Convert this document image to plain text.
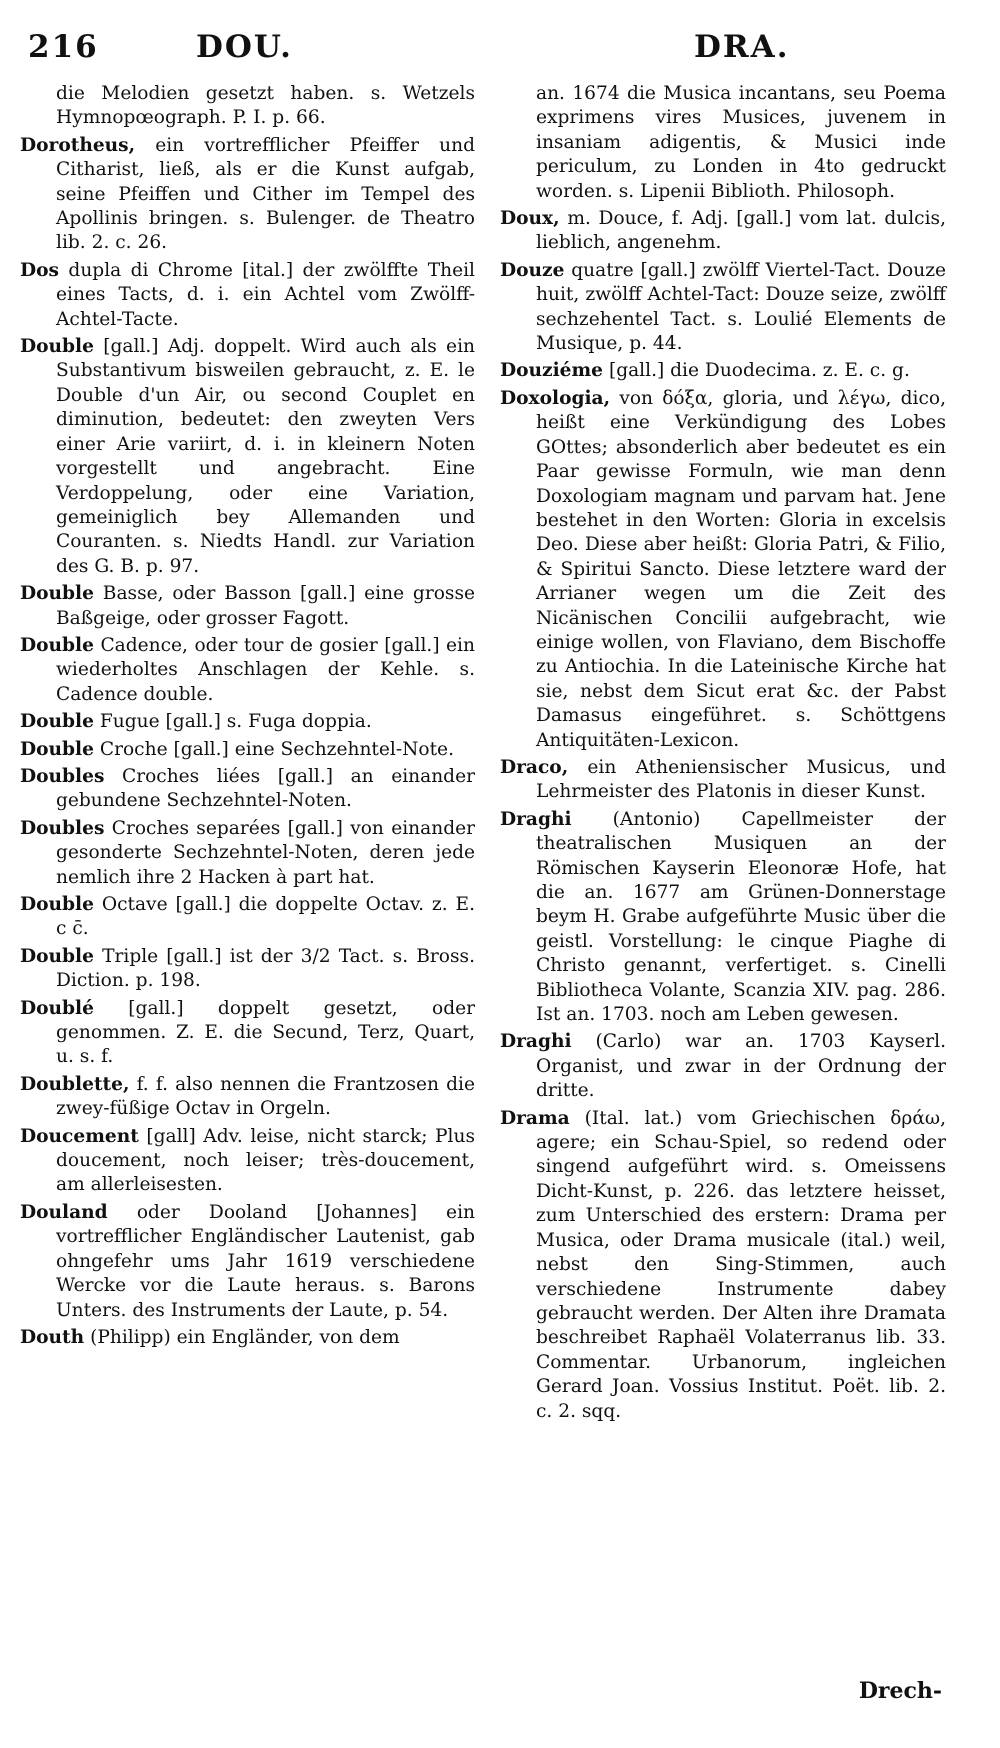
216	DOU.	DRA.

die Melodien gesetzt haben. s. Wetzels Hymnopœograph. P. I. p. 66.

Dorotheus, ein vortrefflicher Pfeiffer und Citharist, ließ, als er die Kunst aufgab, seine Pfeiffen und Cither im Tempel des Apollinis bringen. s. Bulenger. de Theatro lib. 2. c. 26.

Dos dupla di Chrome [ital.] der zwölffte Theil eines Tacts, d. i. ein Achtel vom Zwölff-Achtel-Tacte.

Double [gall.] Adj. doppelt. Wird auch als ein Substantivum bisweilen gebraucht, z. E. le Double d'un Air, ou second Couplet en diminution, bedeutet: den zweyten Vers einer Arie variirt, d. i. in kleinern Noten vorgestellt und angebracht. Eine Verdoppelung, oder eine Variation, gemeiniglich bey Allemanden und Couranten. s. Niedts Handl. zur Variation des G. B. p. 97.

Double Basse, oder Basson [gall.] eine grosse Baßgeige, oder grosser Fagott.

Double Cadence, oder tour de gosier [gall.] ein wiederholtes Anschlagen der Kehle. s. Cadence double.

Double Fugue [gall.] s. Fuga doppia.

Double Croche [gall.] eine Sechzehntel-Note.

Doubles Croches liées [gall.] an einander gebundene Sechzehntel-Noten.

Doubles Croches separées [gall.] von einander gesonderte Sechzehntel-Noten, deren jede nemlich ihre 2 Hacken à part hat.

Double Octave [gall.] die doppelte Octav. z. E. c c̄.

Double Triple [gall.] ist der 3/2 Tact. s. Bross. Diction. p. 198.

Doublé [gall.] doppelt gesetzt, oder genommen. Z. E. die Secund, Terz, Quart, u. s. f.

Doublette, f. f. also nennen die Frantzosen die zwey-füßige Octav in Orgeln.

Doucement [gall] Adv. leise, nicht starck; Plus doucement, noch leiser; très-doucement, am allerleisesten.

Douland oder Dooland [Johannes] ein vortrefflicher Engländischer Lautenist, gab ohngefehr ums Jahr 1619 verschiedene Wercke vor die Laute heraus. s. Barons Unters. des Instruments der Laute, p. 54.

Douth (Philipp) ein Engländer, von dem

an. 1674 die Musica incantans, seu Poema exprimens vires Musices, juvenem in insaniam adigentis, & Musici inde periculum, zu Londen in 4to gedruckt worden. s. Lipenii Biblioth. Philosoph.

Doux, m. Douce, f. Adj. [gall.] vom lat. dulcis, lieblich, angenehm.

Douze quatre [gall.] zwölff Viertel-Tact. Douze huit, zwölff Achtel-Tact: Douze seize, zwölff sechzehentel Tact. s. Loulié Elements de Musique, p. 44.

Douziéme [gall.] die Duodecima. z. E. c. g.

Doxologia, von δόξα, gloria, und λέγω, dico, heißt eine Verkündigung des Lobes GOttes; absonderlich aber bedeutet es ein Paar gewisse Formuln, wie man denn Doxologiam magnam und parvam hat. Jene bestehet in den Worten: Gloria in excelsis Deo. Diese aber heißt: Gloria Patri, & Filio, & Spiritui Sancto. Diese letztere ward der Arrianer wegen um die Zeit des Nicänischen Concilii aufgebracht, wie einige wollen, von Flaviano, dem Bischoffe zu Antiochia. In die Lateinische Kirche hat sie, nebst dem Sicut erat &c. der Pabst Damasus eingeführet. s. Schöttgens Antiquitäten-Lexicon.

Draco, ein Atheniensischer Musicus, und Lehrmeister des Platonis in dieser Kunst.

Draghi (Antonio) Capellmeister der theatralischen Musiquen an der Römischen Kayserin Eleonoræ Hofe, hat die an. 1677 am Grünen-Donnerstage beym H. Grabe aufgeführte Music über die geistl. Vorstellung: le cinque Piaghe di Christo genannt, verfertiget. s. Cinelli Bibliotheca Volante, Scanzia XIV. pag. 286. Ist an. 1703. noch am Leben gewesen.

Draghi (Carlo) war an. 1703 Kayserl. Organist, und zwar in der Ordnung der dritte.

Drama (Ital. lat.) vom Griechischen δράω, agere; ein Schau-Spiel, so redend oder singend aufgeführt wird. s. Omeissens Dicht-Kunst, p. 226. das letztere heisset, zum Unterschied des erstern: Drama per Musica, oder Drama musicale (ital.) weil, nebst den Sing-Stimmen, auch verschiedene Instrumente dabey gebraucht werden. Der Alten ihre Dramata beschreibet Raphaël Volaterranus lib. 33. Commentar. Urbanorum, ingleichen Gerard Joan. Vossius Institut. Poët. lib. 2. c. 2. sqq.

Drech-
